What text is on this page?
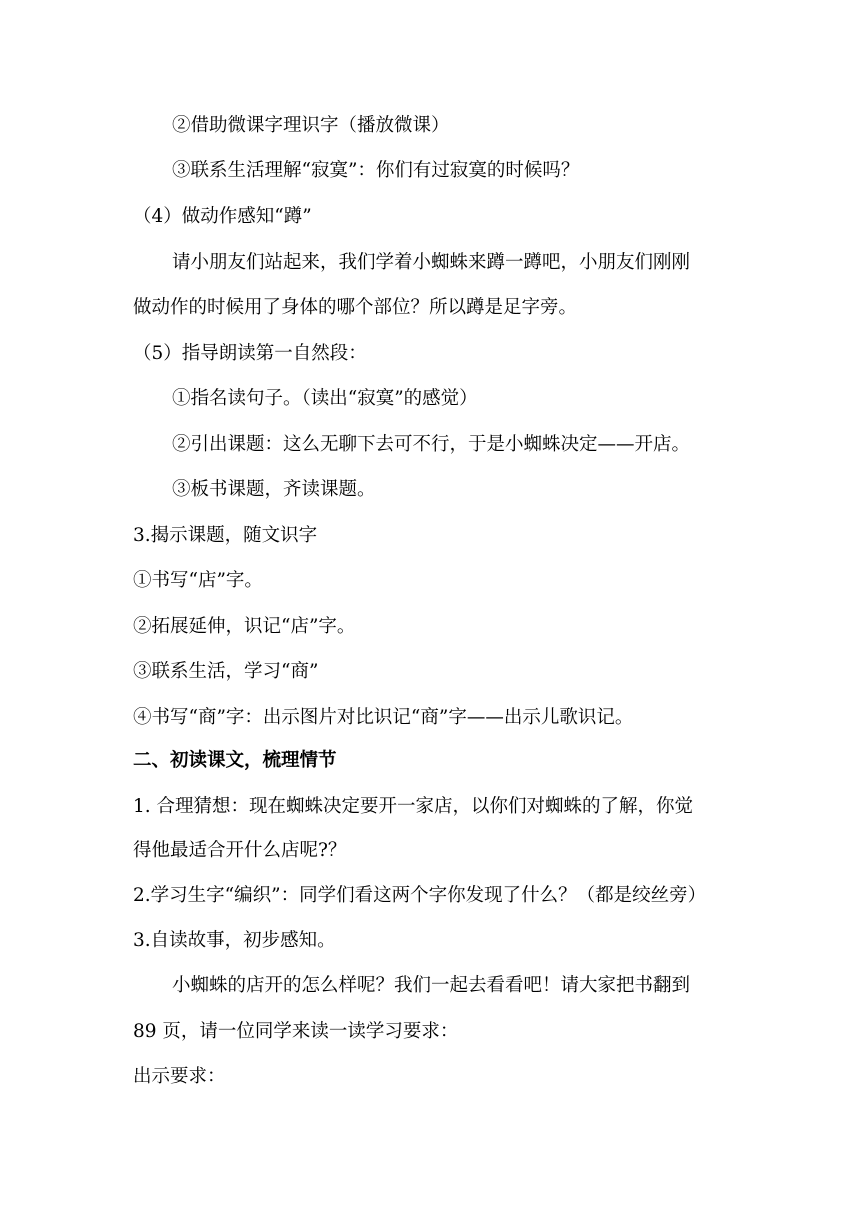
②借助微课字理识字（播放微课）
③联系生活理解“寂寞”：你们有过寂寞的时候吗？
（4）做动作感知“蹲”
请小朋友们站起来，我们学着小蜘蛛来蹲一蹲吧，小朋友们刚刚
做动作的时候用了身体的哪个部位？所以蹲是足字旁。
（5）指导朗读第一自然段：
①指名读句子。（读出“寂寞”的感觉）
②引出课题：这么无聊下去可不行，于是小蜘蛛决定——开店。
③板书课题，齐读课题。
3.揭示课题，随文识字
①书写“店”字。
②拓展延伸，识记“店”字。
③联系生活，学习“商”
④书写“商”字：出示图片对比识记“商”字——出示儿歌识记。
二、初读课文，梳理情节
1. 合理猜想：现在蜘蛛决定要开一家店，以你们对蜘蛛的了解，你觉
得他最适合开什么店呢?？
2.学习生字“编织”：同学们看这两个字你发现了什么？（都是绞丝旁）
3.自读故事，初步感知。
小蜘蛛的店开的怎么样呢？我们一起去看看吧！请大家把书翻到
89 页，请一位同学来读一读学习要求：
出示要求：
